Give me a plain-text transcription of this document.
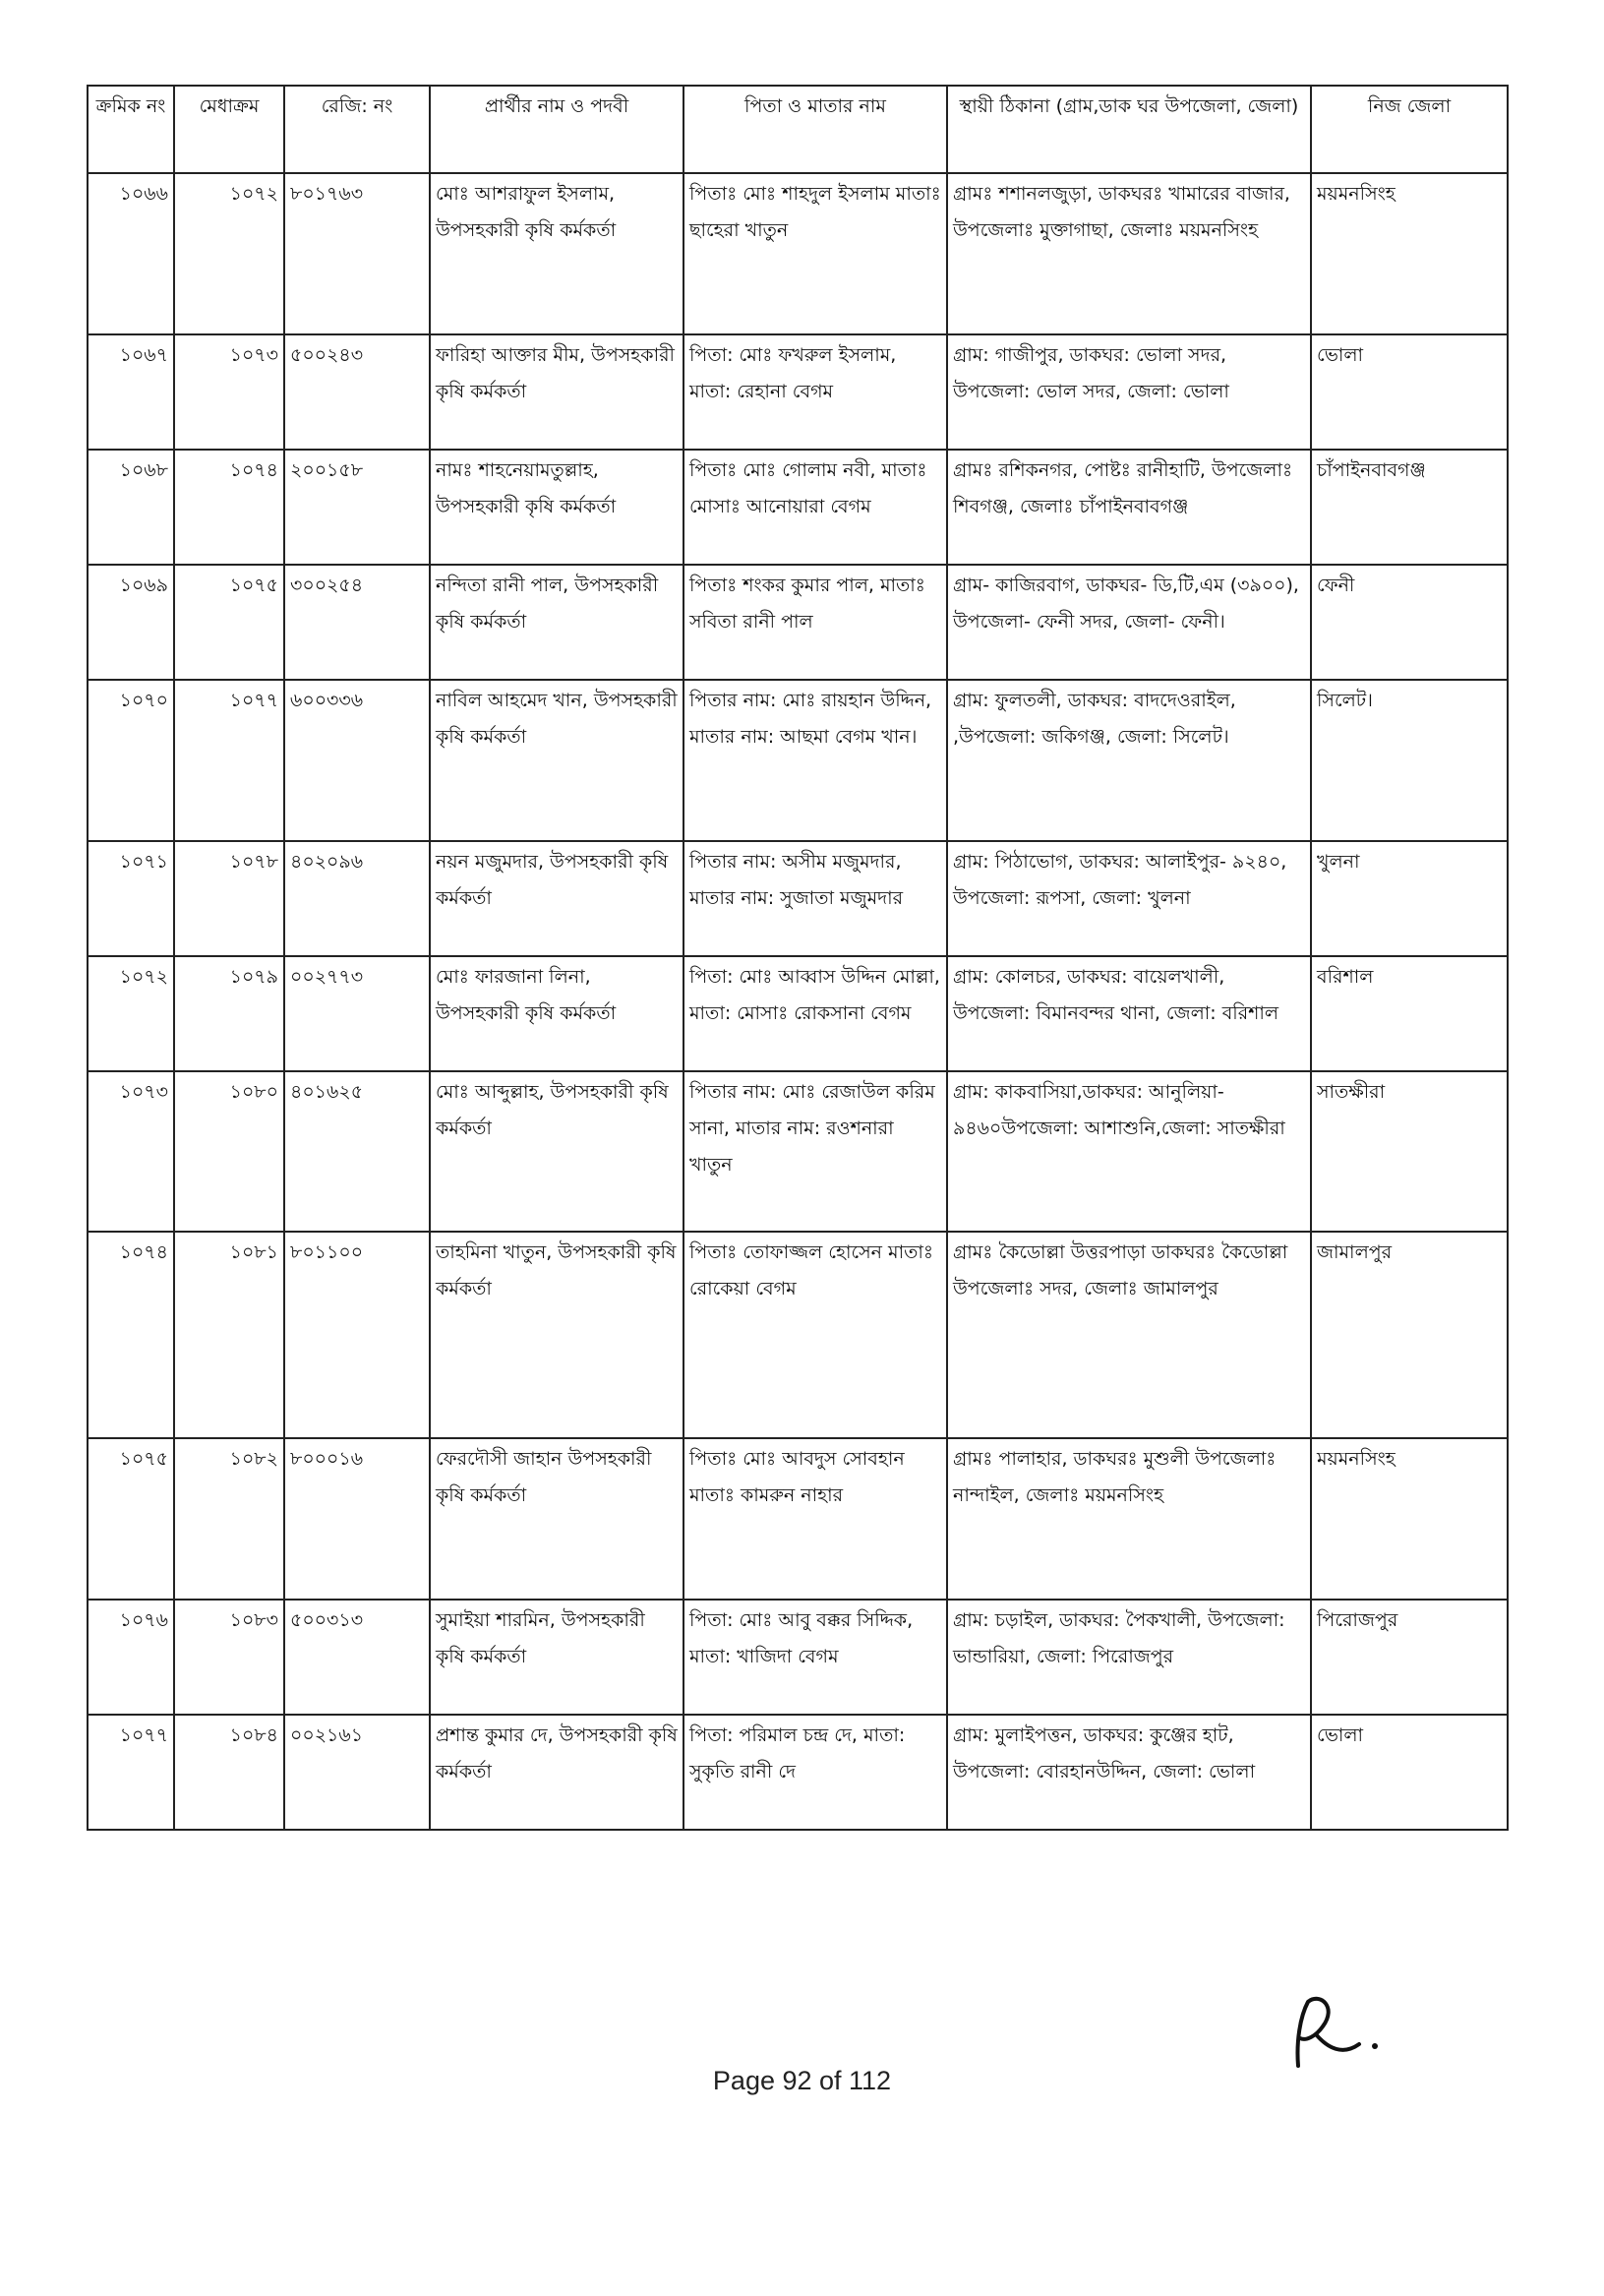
ক্রমিক নং	মেধাক্রম	রেজি: নং	প্রার্থীর নাম ও পদবী	পিতা ও মাতার নাম	স্থায়ী ঠিকানা (গ্রাম,ডাক ঘর উপজেলা, জেলা)	নিজ জেলা
১০৬৬	১০৭২	৮০১৭৬৩	মোঃ আশরাফুল ইসলাম, উপসহকারী কৃষি কর্মকর্তা	পিতাঃ মোঃ শাহদুল ইসলাম মাতাঃ ছাহেরা খাতুন	গ্রামঃ শশানলজুড়া, ডাকঘরঃ খামারের বাজার, উপজেলাঃ মুক্তাগাছা, জেলাঃ ময়মনসিংহ	ময়মনসিংহ
১০৬৭	১০৭৩	৫০০২৪৩	ফারিহা আক্তার মীম, উপসহকারী কৃষি কর্মকর্তা	পিতা: মোঃ ফখরুল ইসলাম, মাতা: রেহানা বেগম	গ্রাম: গাজীপুর, ডাকঘর: ভোলা সদর, উপজেলা: ভোল সদর, জেলা: ভোলা	ভোলা
১০৬৮	১০৭৪	২০০১৫৮	নামঃ শাহনেয়ামতুল্লাহ, উপসহকারী কৃষি কর্মকর্তা	পিতাঃ মোঃ গোলাম নবী, মাতাঃ মোসাঃ আনোয়ারা বেগম	গ্রামঃ রশিকনগর, পোষ্টঃ রানীহাটি, উপজেলাঃ শিবগঞ্জ, জেলাঃ চাঁপাইনবাবগঞ্জ	চাঁপাইনবাবগঞ্জ
১০৬৯	১০৭৫	৩০০২৫৪	নন্দিতা রানী পাল, উপসহকারী কৃষি কর্মকর্তা	পিতাঃ শংকর কুমার পাল, মাতাঃ সবিতা রানী পাল	গ্রাম- কাজিরবাগ, ডাকঘর- ডি,টি,এম (৩৯০০), উপজেলা- ফেনী সদর, জেলা- ফেনী।	ফেনী
১০৭০	১০৭৭	৬০০৩৩৬	নাবিল আহমেদ খান, উপসহকারী কৃষি কর্মকর্তা	পিতার নাম: মোঃ রায়হান উদ্দিন, মাতার নাম: আছমা বেগম খান।	গ্রাম: ফুলতলী, ডাকঘর: বাদদেওরাইল, ,উপজেলা: জকিগঞ্জ, জেলা: সিলেট।	সিলেট।
১০৭১	১০৭৮	৪০২০৯৬	নয়ন মজুমদার, উপসহকারী কৃষি কর্মকর্তা	পিতার নাম: অসীম মজুমদার, মাতার নাম: সুজাতা মজুমদার	গ্রাম: পিঠাভোগ, ডাকঘর: আলাইপুর- ৯২৪০, উপজেলা: রূপসা, জেলা: খুলনা	খুলনা
১০৭২	১০৭৯	০০২৭৭৩	মোঃ ফারজানা লিনা, উপসহকারী কৃষি কর্মকর্তা	পিতা: মোঃ আব্বাস উদ্দিন মোল্লা, মাতা: মোসাঃ রোকসানা বেগম	গ্রাম: কোলচর, ডাকঘর: বায়েলখালী, উপজেলা: বিমানবন্দর থানা, জেলা: বরিশাল	বরিশাল
১০৭৩	১০৮০	৪০১৬২৫	মোঃ আব্দুল্লাহ, উপসহকারী কৃষি কর্মকর্তা	পিতার নাম: মোঃ রেজাউল করিম সানা, মাতার নাম: রওশনারা খাতুন	গ্রাম: কাকবাসিয়া,ডাকঘর: আনুলিয়া- ৯৪৬০উপজেলা: আশাশুনি,জেলা: সাতক্ষীরা	সাতক্ষীরা
১০৭৪	১০৮১	৮০১১০০	তাহমিনা খাতুন, উপসহকারী কৃষি কর্মকর্তা	পিতাঃ তোফাজ্জল হোসেন মাতাঃ রোকেয়া বেগম	গ্রামঃ কৈডোল্লা উত্তরপাড়া ডাকঘরঃ কৈডোল্লা উপজেলাঃ সদর, জেলাঃ জামালপুর	জামালপুর
১০৭৫	১০৮২	৮০০০১৬	ফেরদৌসী জাহান উপসহকারী কৃষি কর্মকর্তা	পিতাঃ মোঃ আবদুস সোবহান মাতাঃ কামরুন নাহার	গ্রামঃ পালাহার, ডাকঘরঃ মুশুলী উপজেলাঃ নান্দাইল, জেলাঃ ময়মনসিংহ	ময়মনসিংহ
১০৭৬	১০৮৩	৫০০৩১৩	সুমাইয়া শারমিন, উপসহকারী কৃষি কর্মকর্তা	পিতা: মোঃ আবু বক্কর সিদ্দিক, মাতা: খাজিদা বেগম	গ্রাম: চড়াইল, ডাকঘর: পৈকখালী, উপজেলা: ভান্ডারিয়া, জেলা: পিরোজপুর	পিরোজপুর
১০৭৭	১০৮৪	০০২১৬১	প্রশান্ত কুমার দে, উপসহকারী কৃষি কর্মকর্তা	পিতা: পরিমাল চন্দ্র দে, মাতা: সুকৃতি রানী দে	গ্রাম: মুলাইপত্তন, ডাকঘর: কুঞ্জের হাট, উপজেলা: বোরহানউদ্দিন, জেলা: ভোলা	ভোলা
Page 92 of 112
